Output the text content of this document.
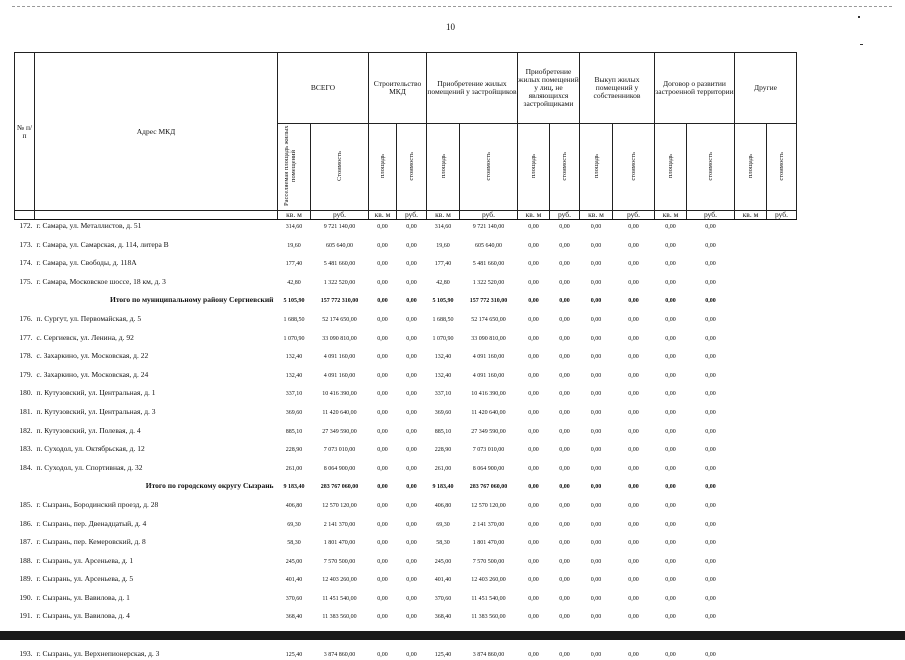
10
№ п/п	Адрес МКД	ВСЕГО		Строительство МКД		Приобретение жилых помещений у застройщиков		Приобретение жилых помещений у лиц, не являющихся застройщиками		Выкуп жилых помещений у собственников		Договор о развитии застроенной территории		Другие	
		Расселяемая площадь жилых помещений	Стоимость	площадь	стоимость	площадь	стоимость	площадь	стоимость	площадь	стоимость	площадь	стоимость	площадь	стоимость
		кв. м	руб.	кв. м	руб.	кв. м	руб.	кв. м	руб.	кв. м	руб.	кв. м	руб.	кв. м	руб.
172.	г. Самара, ул. Металлистов, д. 51	314,60	9 721 140,00	0,00	0,00	314,60	9 721 140,00	0,00	0,00	0,00	0,00	0,00	0,00		
173.	г. Самара, ул. Самарская, д. 114, литера В	19,60	605 640,00	0,00	0,00	19,60	605 640,00	0,00	0,00	0,00	0,00	0,00	0,00		
174.	г. Самара, ул. Свободы, д. 118А	177,40	5 481 660,00	0,00	0,00	177,40	5 481 660,00	0,00	0,00	0,00	0,00	0,00	0,00		
175.	г. Самара, Московское шоссе, 18 км, д. 3	42,80	1 322 520,00	0,00	0,00	42,80	1 322 520,00	0,00	0,00	0,00	0,00	0,00	0,00		
Итого по муниципальному району Сергиевский		5 105,90	157 772 310,00	0,00	0,00	5 105,90	157 772 310,00	0,00	0,00	0,00	0,00	0,00	0,00		
176.	п. Сургут, ул. Первомайская, д. 5	1 688,50	52 174 650,00	0,00	0,00	1 688,50	52 174 650,00	0,00	0,00	0,00	0,00	0,00	0,00		
177.	с. Сергиевск, ул. Ленина, д. 92	1 070,90	33 090 810,00	0,00	0,00	1 070,90	33 090 810,00	0,00	0,00	0,00	0,00	0,00	0,00		
178.	с. Захаркино, ул. Московская, д. 22	132,40	4 091 160,00	0,00	0,00	132,40	4 091 160,00	0,00	0,00	0,00	0,00	0,00	0,00		
179.	с. Захаркино, ул. Московская, д. 24	132,40	4 091 160,00	0,00	0,00	132,40	4 091 160,00	0,00	0,00	0,00	0,00	0,00	0,00		
180.	п. Кутузовский, ул. Центральная, д. 1	337,10	10 416 390,00	0,00	0,00	337,10	10 416 390,00	0,00	0,00	0,00	0,00	0,00	0,00		
181.	п. Кутузовский, ул. Центральная, д. 3	369,60	11 420 640,00	0,00	0,00	369,60	11 420 640,00	0,00	0,00	0,00	0,00	0,00	0,00		
182.	п. Кутузовский, ул. Полевая, д. 4	885,10	27 349 590,00	0,00	0,00	885,10	27 349 590,00	0,00	0,00	0,00	0,00	0,00	0,00		
183.	п. Суходол, ул. Октябрьская, д. 12	228,90	7 073 010,00	0,00	0,00	228,90	7 073 010,00	0,00	0,00	0,00	0,00	0,00	0,00		
184.	п. Суходол, ул. Спортивная, д. 32	261,00	8 064 900,00	0,00	0,00	261,00	8 064 900,00	0,00	0,00	0,00	0,00	0,00	0,00		
Итого по городскому округу Сызрань		9 183,40	283 767 060,00	0,00	0,00	9 183,40	283 767 060,00	0,00	0,00	0,00	0,00	0,00	0,00		
185.	г. Сызрань, Бородинский проезд, д. 28	406,80	12 570 120,00	0,00	0,00	406,80	12 570 120,00	0,00	0,00	0,00	0,00	0,00	0,00		
186.	г. Сызрань, пер. Двенадцатый, д. 4	69,30	2 141 370,00	0,00	0,00	69,30	2 141 370,00	0,00	0,00	0,00	0,00	0,00	0,00		
187.	г. Сызрань, пер. Кемеровский, д. 8	58,30	1 801 470,00	0,00	0,00	58,30	1 801 470,00	0,00	0,00	0,00	0,00	0,00	0,00		
188.	г. Сызрань, ул. Арсеньева, д. 1	245,00	7 570 500,00	0,00	0,00	245,00	7 570 500,00	0,00	0,00	0,00	0,00	0,00	0,00		
189.	г. Сызрань, ул. Арсеньева, д. 5	401,40	12 403 260,00	0,00	0,00	401,40	12 403 260,00	0,00	0,00	0,00	0,00	0,00	0,00		
190.	г. Сызрань, ул. Вавилова, д. 1	370,60	11 451 540,00	0,00	0,00	370,60	11 451 540,00	0,00	0,00	0,00	0,00	0,00	0,00		
191.	г. Сызрань, ул. Вавилова, д. 4	368,40	11 383 560,00	0,00	0,00	368,40	11 383 560,00	0,00	0,00	0,00	0,00	0,00	0,00		

193.	г. Сызрань, ул. Верхнепионерская, д. 3	125,40	3 874 860,00	0,00	0,00	125,40	3 874 860,00	0,00	0,00	0,00	0,00	0,00	0,00		
